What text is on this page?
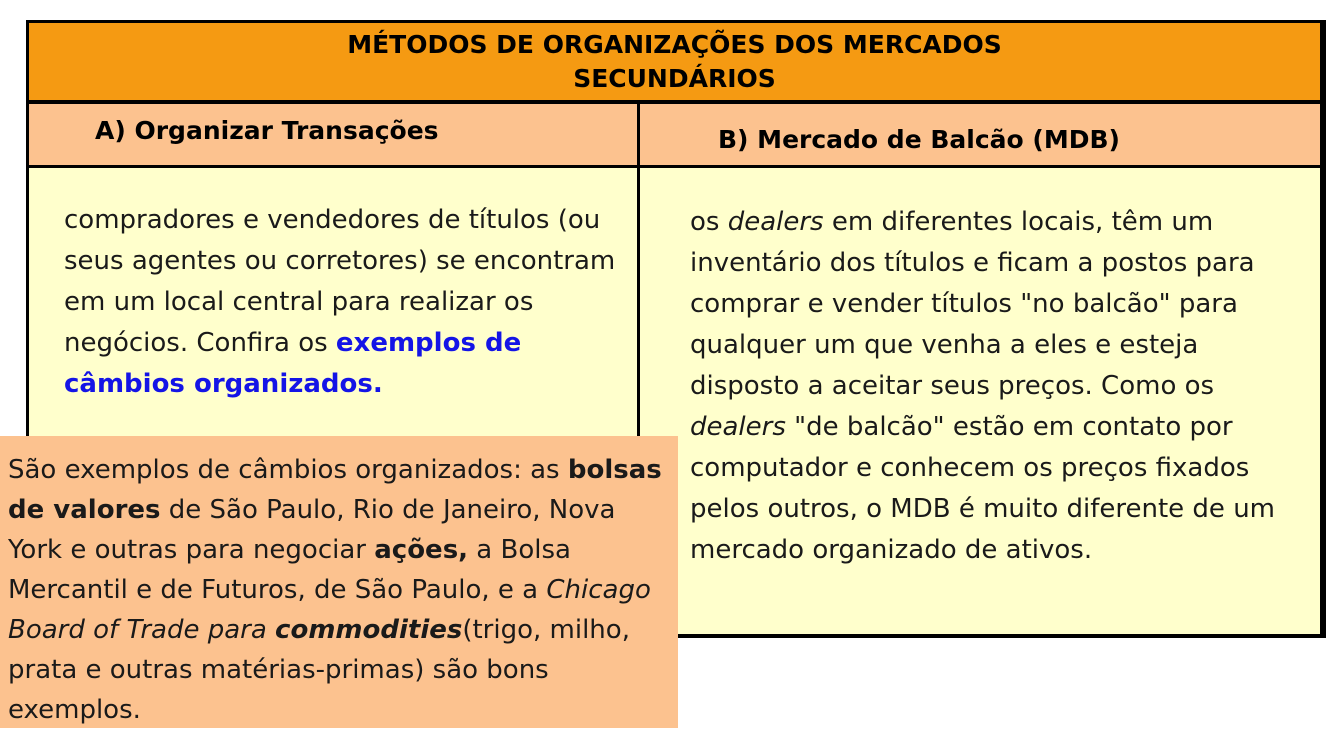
MÉTODOS DE ORGANIZAÇÕES DOS MERCADOS
SECUNDÁRIOS
A) Organizar Transações	B) Mercado de Balcão (MDB)
compradores e vendedores de títulos (ou seus agentes ou corretores) se encontram em um local central para realizar os negócios. Confira os exemplos de câmbios organizados.
os dealers em diferentes locais, têm um inventário dos títulos e ficam a postos para comprar e vender títulos "no balcão" para qualquer um que venha a eles e esteja disposto a aceitar seus preços. Como os dealers "de balcão" estão em contato por computador e conhecem os preços fixados pelos outros, o MDB é muito diferente de um mercado organizado de ativos.
São exemplos de câmbios organizados: as bolsas de valores de São Paulo, Rio de Janeiro, Nova York e outras para negociar ações, a Bolsa Mercantil e de Futuros, de São Paulo, e a Chicago Board of Trade para commodities(trigo, milho, prata e outras matérias-primas) são bons exemplos.
